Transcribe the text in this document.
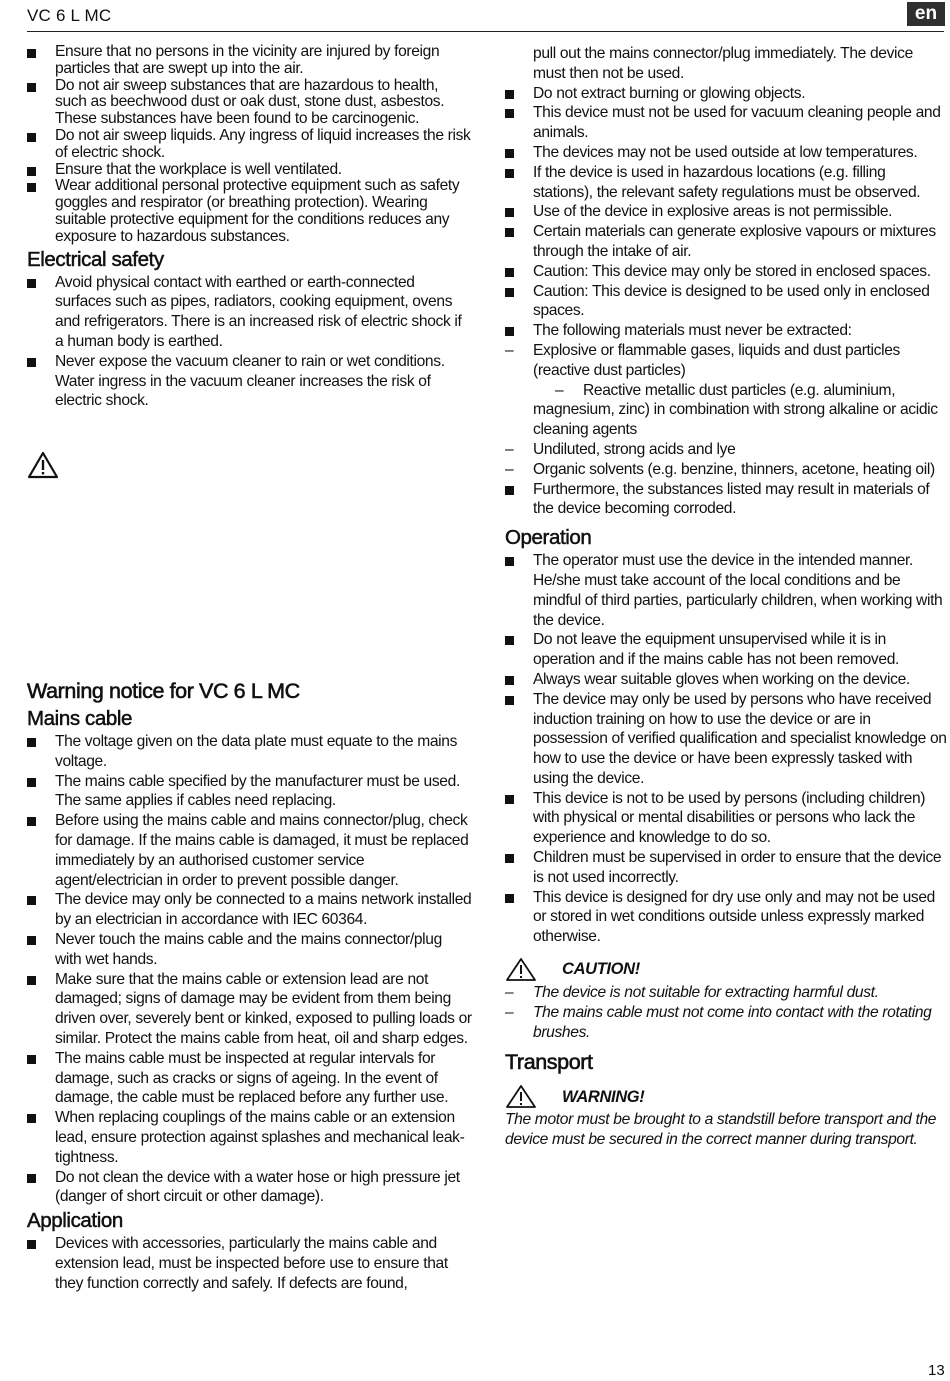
VC 6 L MC	en

Ensure that no persons in the vicinity are injured by foreign particles that are swept up into the air.

Do not air sweep substances that are hazardous to health, such as beechwood dust or oak dust, stone dust, asbestos. These substances have been found to be carcinogenic.

Do not air sweep liquids. Any ingress of liquid increases the risk of electric shock.

Ensure that the workplace is well ventilated.

Wear additional personal protective equipment such as safety goggles and respirator (or breathing protection). Wearing suitable protective equipment for the conditions reduces any exposure to hazardous substances.

Electrical safety

Avoid physical contact with earthed or earth-connected surfaces such as pipes, radiators, cooking equipment, ovens and refrigerators. There is an increased risk of electric shock if a human body is earthed.

Never expose the vacuum cleaner to rain or wet conditions. Water ingress in the vacuum cleaner increases the risk of electric shock.

Warning notice for VC 6 L MC
Mains cable

The voltage given on the data plate must equate to the mains voltage.

The mains cable specified by the manufacturer must be used. The same applies if cables need replacing.

Before using the mains cable and mains connector/plug, check for damage. If the mains cable is damaged, it must be replaced immediately by an authorised customer service agent/electrician in order to prevent possible danger.

The device may only be connected to a mains network installed by an electrician in accordance with IEC 60364.

Never touch the mains cable and the mains connector/plug with wet hands.

Make sure that the mains cable or extension lead are not damaged; signs of damage may be evident from them being driven over, severely bent or kinked, exposed to pulling loads or similar. Protect the mains cable from heat, oil and sharp edges.

The mains cable must be inspected at regular intervals for damage, such as cracks or signs of ageing. In the event of damage, the cable must be replaced before any further use.

When replacing couplings of the mains cable or an extension lead, ensure protection against splashes and mechanical leak-tightness.

Do not clean the device with a water hose or high pressure jet (danger of short circuit or other damage).

Application

Devices with accessories, particularly the mains cable and extension lead, must be inspected before use to ensure that they function correctly and safely. If defects are found,

pull out the mains connector/plug immediately. The device must then not be used.

Do not extract burning or glowing objects.

This device must not be used for vacuum cleaning people and animals.

The devices may not be used outside at low temperatures.

If the device is used in hazardous locations (e.g. filling stations), the relevant safety regulations must be observed.

Use of the device in explosive areas is not permissible.

Certain materials can generate explosive vapours or mixtures through the intake of air.

Caution: This device may only be stored in enclosed spaces.

Caution: This device is designed to be used only in enclosed spaces.

The following materials must never be extracted:

– Explosive or flammable gases, liquids and dust particles (reactive dust particles)

– Reactive metallic dust particles (e.g. aluminium, magnesium, zinc) in combination with strong alkaline or acidic cleaning agents

– Undiluted, strong acids and lye

– Organic solvents (e.g. benzine, thinners, acetone, heating oil)

Furthermore, the substances listed may result in materials of the device becoming corroded.

Operation

The operator must use the device in the intended manner. He/she must take account of the local conditions and be mindful of third parties, particularly children, when working with the device.

Do not leave the equipment unsupervised while it is in operation and if the mains cable has not been removed.

Always wear suitable gloves when working on the device.

The device may only be used by persons who have received induction training on how to use the device or are in possession of verified qualification and specialist knowledge on how to use the device or have been expressly tasked with using the device.

This device is not to be used by persons (including children) with physical or mental disabilities or persons who lack the experience and knowledge to do so.

Children must be supervised in order to ensure that the device is not used incorrectly.

This device is designed for dry use only and may not be used or stored in wet conditions outside unless expressly marked otherwise.

CAUTION!

– The device is not suitable for extracting harmful dust.

– The mains cable must not come into contact with the rotating brushes.

Transport
WARNING!

The motor must be brought to a standstill before transport and the device must be secured in the correct manner during transport.

13
